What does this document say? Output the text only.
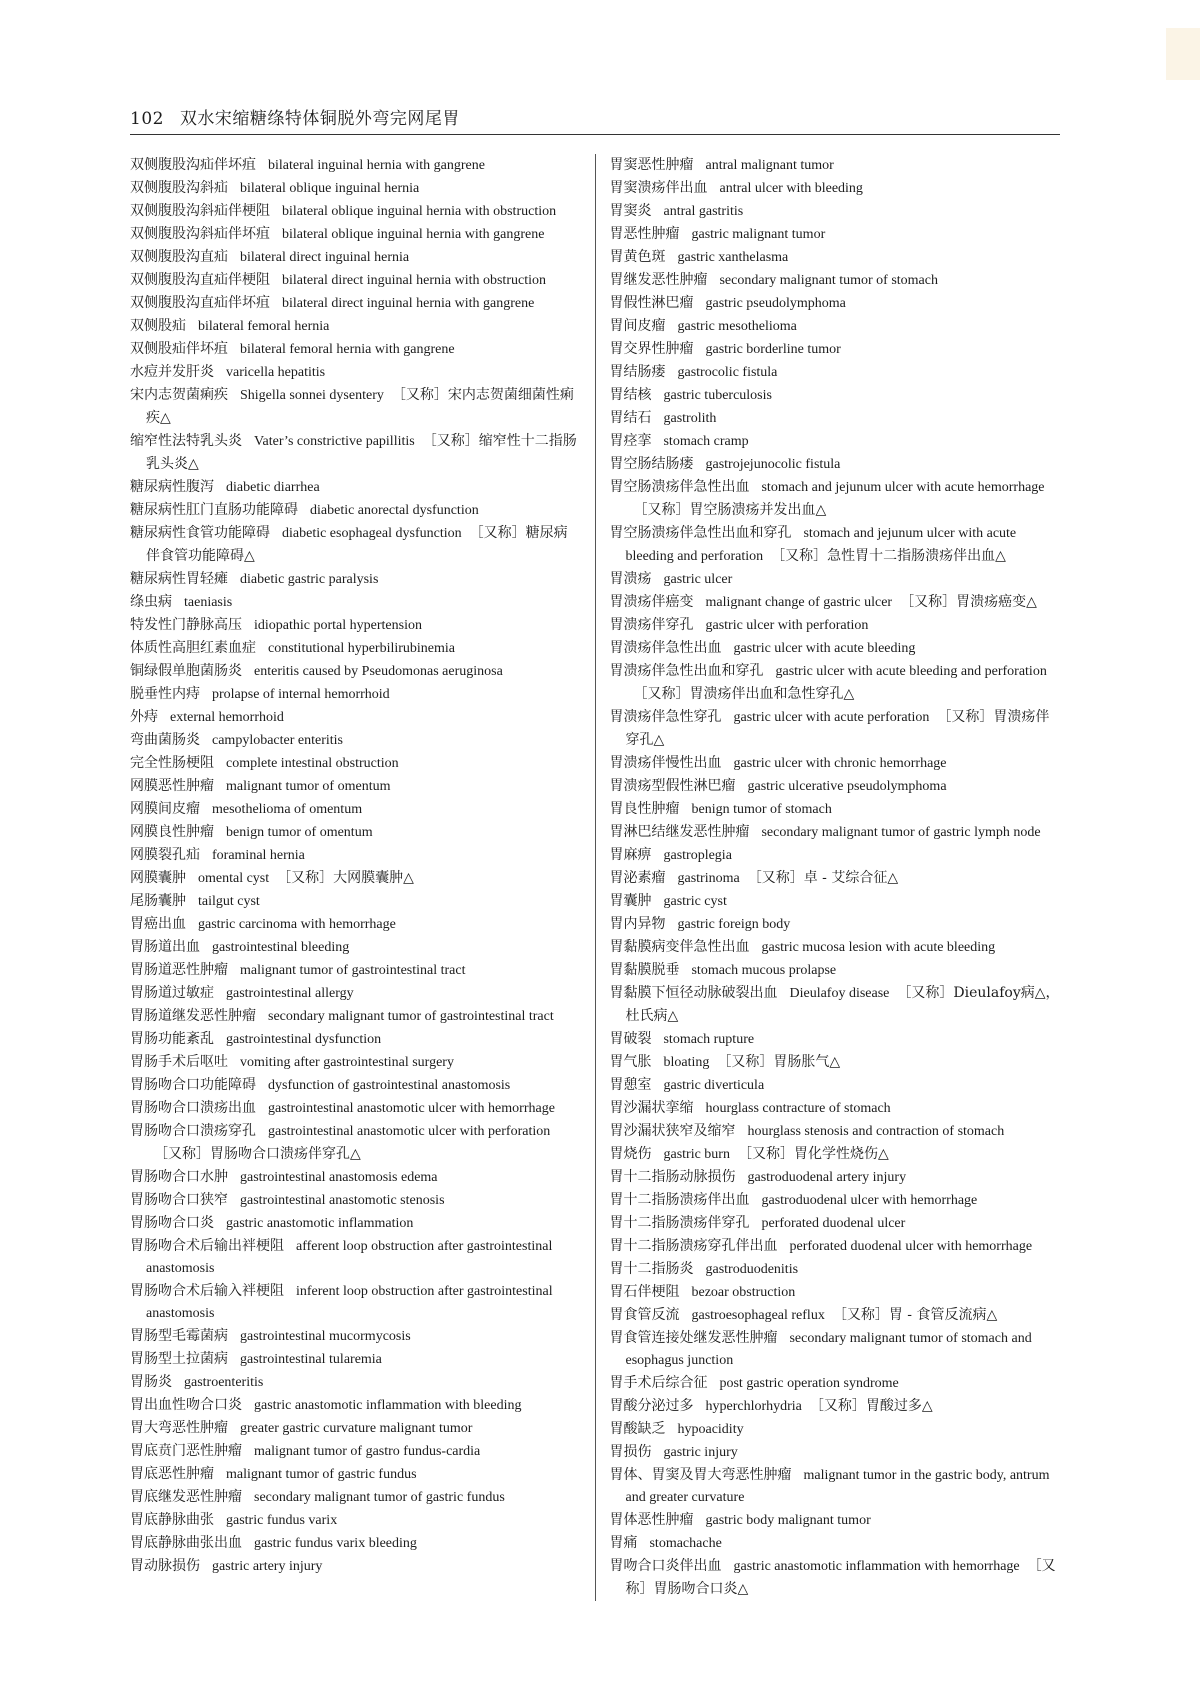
102 双水宋缩糖绦特体铜脱外弯完网尾胃

双侧腹股沟疝伴坏疽 bilateral inguinal hernia with gangrene

双侧腹股沟斜疝 bilateral oblique inguinal hernia

双侧腹股沟斜疝伴梗阻 bilateral oblique inguinal hernia with obstruction

双侧腹股沟斜疝伴坏疽 bilateral oblique inguinal hernia with gangrene

双侧腹股沟直疝 bilateral direct inguinal hernia

双侧腹股沟直疝伴梗阻 bilateral direct inguinal hernia with obstruction

双侧腹股沟直疝伴坏疽 bilateral direct inguinal hernia with gangrene

双侧股疝 bilateral femoral hernia

双侧股疝伴坏疽 bilateral femoral hernia with gangrene

水痘并发肝炎 varicella hepatitis

宋内志贺菌痢疾 Shigella sonnei dysentery ［又称］宋内志贺菌细菌性痢疾△

缩窄性法特乳头炎 Vater’s constrictive papillitis ［又称］缩窄性十二指肠乳头炎△

糖尿病性腹泻 diabetic diarrhea

糖尿病性肛门直肠功能障碍 diabetic anorectal dysfunction

糖尿病性食管功能障碍 diabetic esophageal dysfunction ［又称］糖尿病伴食管功能障碍△

糖尿病性胃轻瘫 diabetic gastric paralysis

绦虫病 taeniasis

特发性门静脉高压 idiopathic portal hypertension

体质性高胆红素血症 constitutional hyperbilirubinemia

铜绿假单胞菌肠炎 enteritis caused by Pseudomonas aeruginosa

脱垂性内痔 prolapse of internal hemorrhoid

外痔 external hemorrhoid

弯曲菌肠炎 campylobacter enteritis

完全性肠梗阻 complete intestinal obstruction

网膜恶性肿瘤 malignant tumor of omentum

网膜间皮瘤 mesothelioma of omentum

网膜良性肿瘤 benign tumor of omentum

网膜裂孔疝 foraminal hernia

网膜囊肿 omental cyst ［又称］大网膜囊肿△

尾肠囊肿 tailgut cyst

胃癌出血 gastric carcinoma with hemorrhage

胃肠道出血 gastrointestinal bleeding

胃肠道恶性肿瘤 malignant tumor of gastrointestinal tract

胃肠道过敏症 gastrointestinal allergy

胃肠道继发恶性肿瘤 secondary malignant tumor of gastrointestinal tract

胃肠功能紊乱 gastrointestinal dysfunction

胃肠手术后呕吐 vomiting after gastrointestinal surgery

胃肠吻合口功能障碍 dysfunction of gastrointestinal anastomosis

胃肠吻合口溃疡出血 gastrointestinal anastomotic ulcer with hemorrhage

胃肠吻合口溃疡穿孔 gastrointestinal anastomotic ulcer with perforation［又称］胃肠吻合口溃疡伴穿孔△

胃肠吻合口水肿 gastrointestinal anastomosis edema

胃肠吻合口狭窄 gastrointestinal anastomotic stenosis

胃肠吻合口炎 gastric anastomotic inflammation

胃肠吻合术后输出袢梗阻 afferent loop obstruction after gastrointestinal anastomosis

胃肠吻合术后输入袢梗阻 inferent loop obstruction after gastrointestinal anastomosis

胃肠型毛霉菌病 gastrointestinal mucormycosis

胃肠型土拉菌病 gastrointestinal tularemia

胃肠炎 gastroenteritis

胃出血性吻合口炎 gastric anastomotic inflammation with bleeding

胃大弯恶性肿瘤 greater gastric curvature malignant tumor

胃底贲门恶性肿瘤 malignant tumor of gastro fundus-cardia

胃底恶性肿瘤 malignant tumor of gastric fundus

胃底继发恶性肿瘤 secondary malignant tumor of gastric fundus

胃底静脉曲张 gastric fundus varix

胃底静脉曲张出血 gastric fundus varix bleeding

胃动脉损伤 gastric artery injury

胃窦恶性肿瘤 antral malignant tumor

胃窦溃疡伴出血 antral ulcer with bleeding

胃窦炎 antral gastritis

胃恶性肿瘤 gastric malignant tumor

胃黄色斑 gastric xanthelasma

胃继发恶性肿瘤 secondary malignant tumor of stomach

胃假性淋巴瘤 gastric pseudolymphoma

胃间皮瘤 gastric mesothelioma

胃交界性肿瘤 gastric borderline tumor

胃结肠瘘 gastrocolic fistula

胃结核 gastric tuberculosis

胃结石 gastrolith

胃痉挛 stomach cramp

胃空肠结肠瘘 gastrojejunocolic fistula

胃空肠溃疡伴急性出血 stomach and jejunum ulcer with acute hemorrhage［又称］胃空肠溃疡并发出血△

胃空肠溃疡伴急性出血和穿孔 stomach and jejunum ulcer with acute bleeding and perforation ［又称］急性胃十二指肠溃疡伴出血△

胃溃疡 gastric ulcer

胃溃疡伴癌变 malignant change of gastric ulcer ［又称］胃溃疡癌变△

胃溃疡伴穿孔 gastric ulcer with perforation

胃溃疡伴急性出血 gastric ulcer with acute bleeding

胃溃疡伴急性出血和穿孔 gastric ulcer with acute bleeding and perforation［又称］胃溃疡伴出血和急性穿孔△

胃溃疡伴急性穿孔 gastric ulcer with acute perforation ［又称］胃溃疡伴穿孔△

胃溃疡伴慢性出血 gastric ulcer with chronic hemorrhage

胃溃疡型假性淋巴瘤 gastric ulcerative pseudolymphoma

胃良性肿瘤 benign tumor of stomach

胃淋巴结继发恶性肿瘤 secondary malignant tumor of gastric lymph node

胃麻痹 gastroplegia

胃泌素瘤 gastrinoma ［又称］卓 - 艾综合征△

胃囊肿 gastric cyst

胃内异物 gastric foreign body

胃黏膜病变伴急性出血 gastric mucosa lesion with acute bleeding

胃黏膜脱垂 stomach mucous prolapse

胃黏膜下恒径动脉破裂出血 Dieulafoy disease ［又称］Dieulafoy病△，杜氏病△

胃破裂 stomach rupture

胃气胀 bloating ［又称］胃肠胀气△

胃憩室 gastric diverticula

胃沙漏状挛缩 hourglass contracture of stomach

胃沙漏状狭窄及缩窄 hourglass stenosis and contraction of stomach

胃烧伤 gastric burn ［又称］胃化学性烧伤△

胃十二指肠动脉损伤 gastroduodenal artery injury

胃十二指肠溃疡伴出血 gastroduodenal ulcer with hemorrhage

胃十二指肠溃疡伴穿孔 perforated duodenal ulcer

胃十二指肠溃疡穿孔伴出血 perforated duodenal ulcer with hemorrhage

胃十二指肠炎 gastroduodenitis

胃石伴梗阻 bezoar obstruction

胃食管反流 gastroesophageal reflux ［又称］胃 - 食管反流病△

胃食管连接处继发恶性肿瘤 secondary malignant tumor of stomach and esophagus junction

胃手术后综合征 post gastric operation syndrome

胃酸分泌过多 hyperchlorhydria ［又称］胃酸过多△

胃酸缺乏 hypoacidity

胃损伤 gastric injury

胃体、胃窦及胃大弯恶性肿瘤 malignant tumor in the gastric body, antrum and greater curvature

胃体恶性肿瘤 gastric body malignant tumor

胃痛 stomachache

胃吻合口炎伴出血 gastric anastomotic inflammation with hemorrhage ［又称］胃肠吻合口炎△
